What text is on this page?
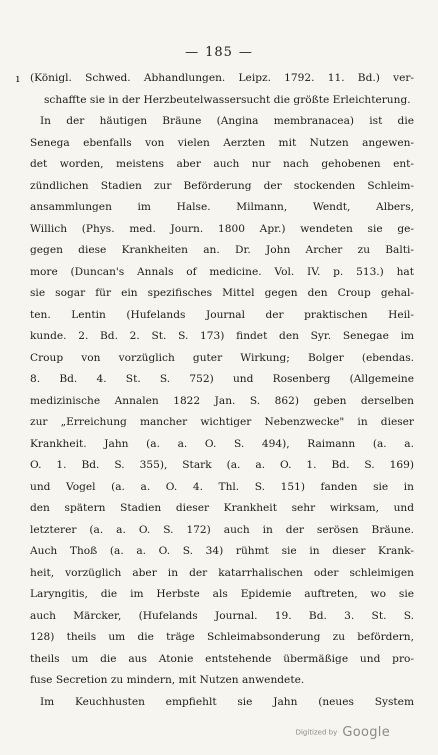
— 185 —
ı (Königl. Schwed. Abhandlungen. Leipz. 1792. 11. Bd.) ver-
schaffte sie in der Herzbeutelwassersucht die größte Erleichterung.
In der häutigen Bräune (Angina membranacea) ist die
Senega ebenfalls von vielen Aerzten mit Nutzen angewen-
det worden, meistens aber auch nur nach gehobenen ent-
zündlichen Stadien zur Beförderung der stockenden Schleim-
ansammlungen im Halse. Milmann, Wendt, Albers,
Willich (Phys. med. Journ. 1800 Apr.) wendeten sie ge-
gegen diese Krankheiten an. Dr. John Archer zu Balti-
more (Duncan's Annals of medicine. Vol. IV. p. 513.) hat
sie sogar für ein spezifisches Mittel gegen den Croup gehal-
ten. Lentin (Hufelands Journal der praktischen Heil-
kunde. 2. Bd. 2. St. S. 173) findet den Syr. Senegae im
Croup von vorzüglich guter Wirkung; Bolger (ebendas.
8. Bd. 4. St. S. 752) und Rosenberg (Allgemeine
medizinische Annalen 1822 Jan. S. 862) geben derselben
zur „Erreichung mancher wichtiger Nebenzwecke" in dieser
Krankheit. Jahn (a. a. O. S. 494), Raimann (a. a.
O. 1. Bd. S. 355), Stark (a. a. O. 1. Bd. S. 169)
und Vogel (a. a. O. 4. Thl. S. 151) fanden sie in
den spätern Stadien dieser Krankheit sehr wirksam, und
letzterer (a. a. O. S. 172) auch in der serösen Bräune.
Auch Thoß (a. a. O. S. 34) rühmt sie in dieser Krank-
heit, vorzüglich aber in der katarrhalischen oder schleimigen
Laryngitis, die im Herbste als Epidemie auftreten, wo sie
auch Märcker, (Hufelands Journal. 19. Bd. 3. St. S.
128) theils um die träge Schleimabsonderung zu befördern,
theils um die aus Atonie entstehende übermäßige und pro-
fuse Secretion zu mindern, mit Nutzen anwendete.
Im Keuchhusten empfiehlt sie Jahn (neues System
Digitized by Google
